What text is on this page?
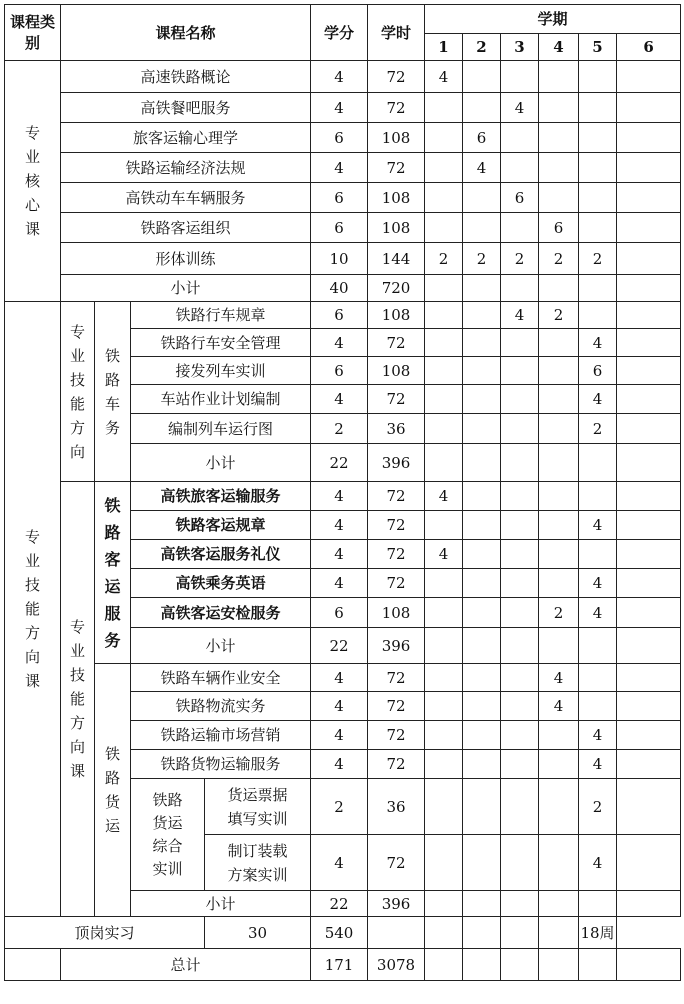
课程类别	课程名称				学分	学时	学期					
							1	2	3	4	5	6

专业核心课	高速铁路概论				4	72	4					
	高铁餐吧服务				4	72			4			
	旅客运输心理学				6	108		6				
	铁路运输经济法规				4	72		4				
	高铁动车车辆服务				6	108			6			
	铁路客运组织				6	108				6		
	形体训练				10	144	2	2	2	2	2	
	小计				40	720						

专业技能方向课	专业技能方向	铁路车务	铁路行车规章		6	108			4	2		
			铁路行车安全管理		4	72					4	
			接发列车实训		6	108					6	
			车站作业计划编制		4	72					4	
			编制列车运行图		2	36					2	
			小计		22	396						

	专业技能方向课	铁路客运服务	高铁旅客运输服务		4	72	4					
			铁路客运规章		4	72					4	
			高铁客运服务礼仪		4	72	4					
			高铁乘务英语		4	72					4	
			高铁客运安检服务		6	108				2	4	
			小计		22	396						

		铁路货运	铁路车辆作业安全		4	72				4		
			铁路物流实务		4	72				4		
			铁路运输市场营销		4	72					4	
			铁路货物运输服务		4	72					4	

			铁路货运综合实训	货运票据填写实训	2	36					2	

				制订装载方案实训	4	72					4	
			小计		22	396						
顶岗实习				30	540						18周	
	总计				171	3078						
